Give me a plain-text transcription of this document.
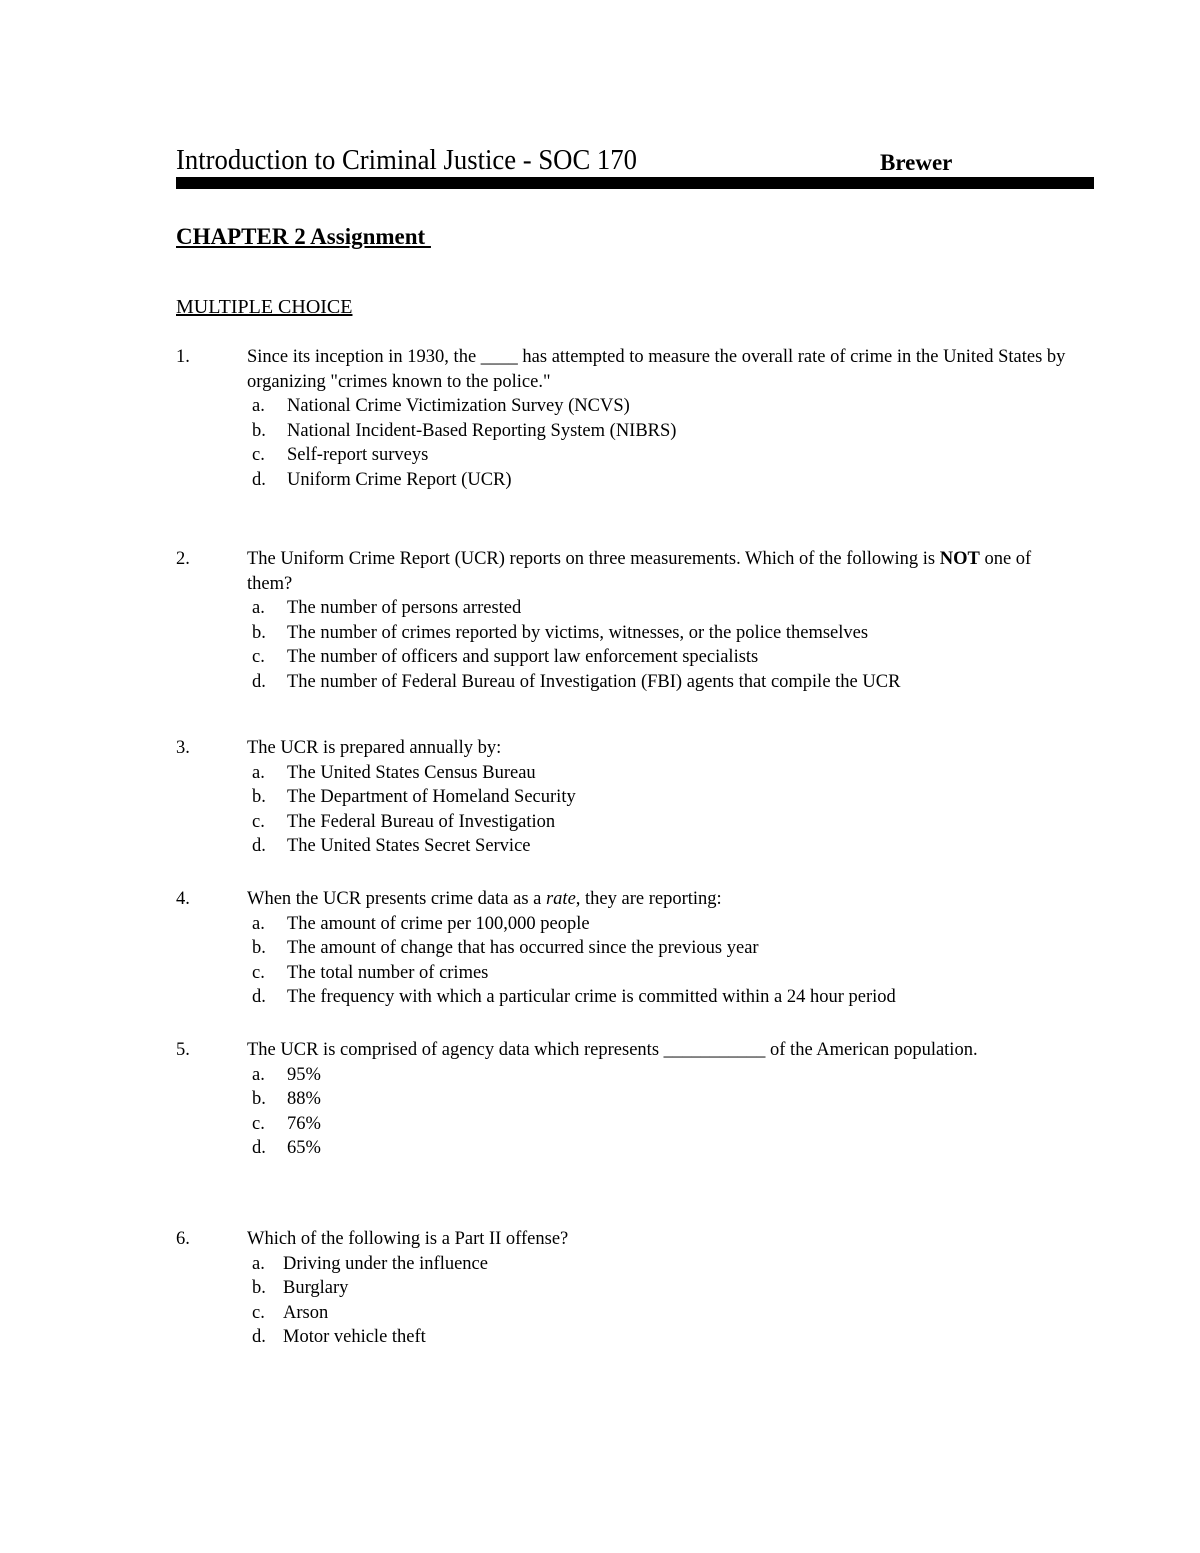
Introduction to Criminal Justice - SOC 170	Brewer
CHAPTER 2 Assignment
MULTIPLE CHOICE
1.	Since its inception in 1930, the ____ has attempted to measure the overall rate of crime in the United States by organizing "crimes known to the police."
a. National Crime Victimization Survey (NCVS)
b. National Incident-Based Reporting System (NIBRS)
c. Self-report surveys
d. Uniform Crime Report (UCR)
2.	The Uniform Crime Report (UCR) reports on three measurements. Which of the following is NOT one of them?
a. The number of persons arrested
b. The number of crimes reported by victims, witnesses, or the police themselves
c. The number of officers and support law enforcement specialists
d. The number of Federal Bureau of Investigation (FBI) agents that compile the UCR
3.	The UCR is prepared annually by:
a. The United States Census Bureau
b. The Department of Homeland Security
c. The Federal Bureau of Investigation
d. The United States Secret Service
4.	When the UCR presents crime data as a rate, they are reporting:
a. The amount of crime per 100,000 people
b. The amount of change that has occurred since the previous year
c. The total number of crimes
d. The frequency with which a particular crime is committed within a 24 hour period
5.	The UCR is comprised of agency data which represents ___________ of the American population.
a. 95%
b. 88%
c. 76%
d. 65%
6.	Which of the following is a Part II offense?
a. Driving under the influence
b. Burglary
c. Arson
d. Motor vehicle theft
